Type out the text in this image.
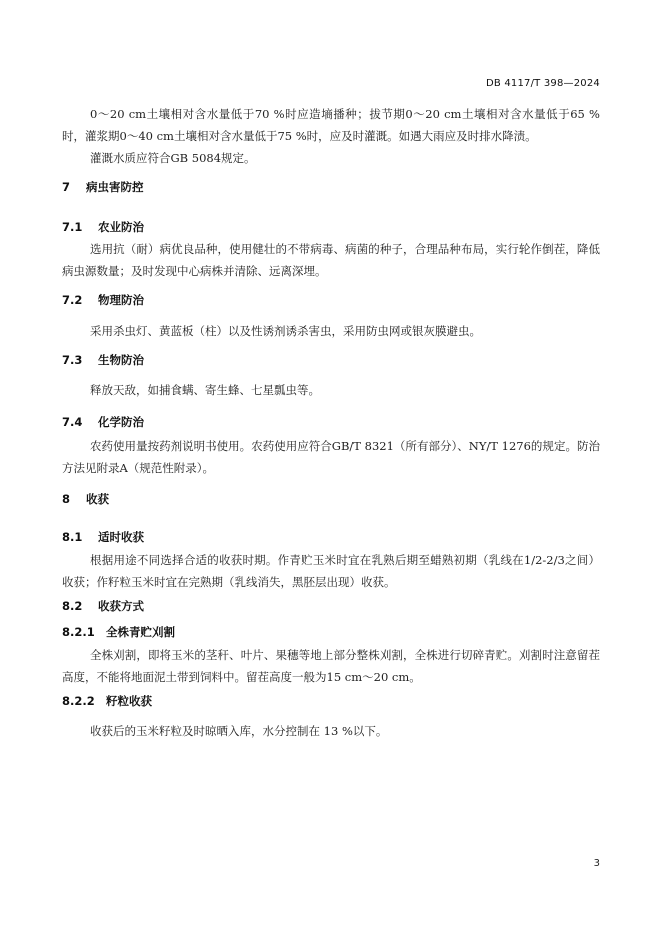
DB 4117/T 398—2024

0～20 cm土壤相对含水量低于70 %时应造墒播种；拔节期0～20 cm土壤相对含水量低于65 %时，灌浆期0～40 cm土壤相对含水量低于75 %时，应及时灌溉。如遇大雨应及时排水降渍。

灌溉水质应符合GB 5084规定。

7 病虫害防控

7.1 农业防治

选用抗（耐）病优良品种，使用健壮的不带病毒、病菌的种子，合理品种布局，实行轮作倒茬，降低病虫源数量；及时发现中心病株并清除、远离深埋。

7.2 物理防治

采用杀虫灯、黄蓝板（柱）以及性诱剂诱杀害虫，采用防虫网或银灰膜避虫。

7.3 生物防治

释放天敌，如捕食螨、寄生蜂、七星瓢虫等。

7.4 化学防治

农药使用量按药剂说明书使用。农药使用应符合GB/T 8321（所有部分）、NY/T 1276的规定。防治方法见附录A（规范性附录）。

8 收获

8.1 适时收获

根据用途不同选择合适的收获时期。作青贮玉米时宜在乳熟后期至蜡熟初期（乳线在1/2-2/3之间）收获；作籽粒玉米时宜在完熟期（乳线消失，黑胚层出现）收获。

8.2 收获方式

8.2.1 全株青贮刈割

全株刈割，即将玉米的茎秆、叶片、果穗等地上部分整株刈割，全株进行切碎青贮。刈割时注意留茬高度，不能将地面泥土带到饲料中。留茬高度一般为15 cm～20 cm。

8.2.2 籽粒收获

收获后的玉米籽粒及时晾晒入库，水分控制在 13 %以下。

3
